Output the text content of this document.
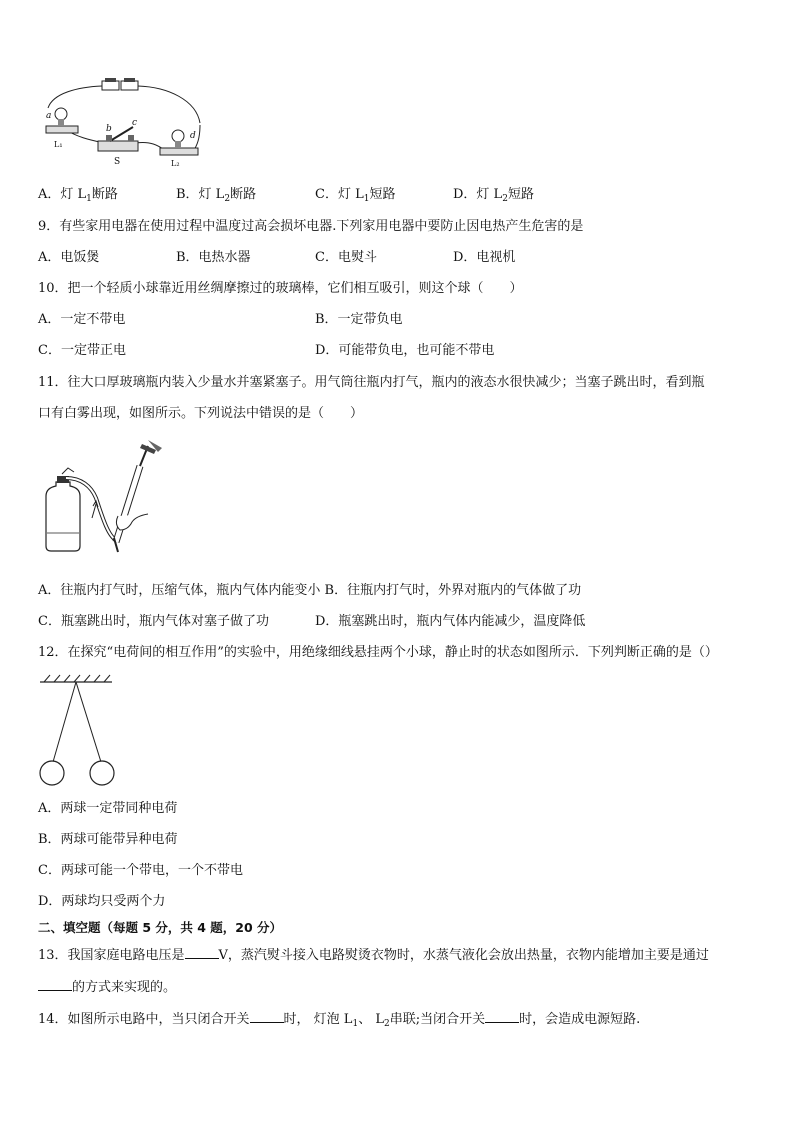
a
b
c
d
L₁
S	L₂
A．灯 $L_1$断路	B．灯 $L_2$断路	C．灯 $L_1$短路	D．灯 $L_2$短路
9．有些家用电器在使用过程中温度过高会损坏电器.下列家用电器中要防止因电热产生危害的是
A．电饭煲	B．电热水器	C．电熨斗	D．电视机
10．把一个轻质小球靠近用丝绸摩擦过的玻璃棒，它们相互吸引，则这个球（　　）
A．一定不带电	B．一定带负电
C．一定带正电	D．可能带负电，也可能不带电
11．往大口厚玻璃瓶内装入少量水并塞紧塞子。用气筒往瓶内打气，瓶内的液态水很快减少；当塞子跳出时，看到瓶
口有白雾出现，如图所示。下列说法中错误的是（　　）
A．往瓶内打气时，压缩气体，瓶内气体内能变小 B．往瓶内打气时，外界对瓶内的气体做了功
C．瓶塞跳出时，瓶内气体对塞子做了功	D．瓶塞跳出时，瓶内气体内能减少，温度降低
12．在探究“电荷间的相互作用”的实验中，用绝缘细线悬挂两个小球，静止时的状态如图所示．下列判断正确的是（）
A．两球一定带同种电荷
B．两球可能带异种电荷
C．两球可能一个带电，一个不带电
D．两球均只受两个力
二、填空题（每题 5 分，共 4 题，20 分）
13．我国家庭电路电压是	V，蒸汽熨斗接入电路熨烫衣物时，水蒸气液化会放出热量，衣物内能增加主要是通过
的方式来实现的。
14．如图所示电路中，当只闭合开关	时， 灯泡 $L_1$、 $L_2$串联;当闭合开关	时，会造成电源短路.
